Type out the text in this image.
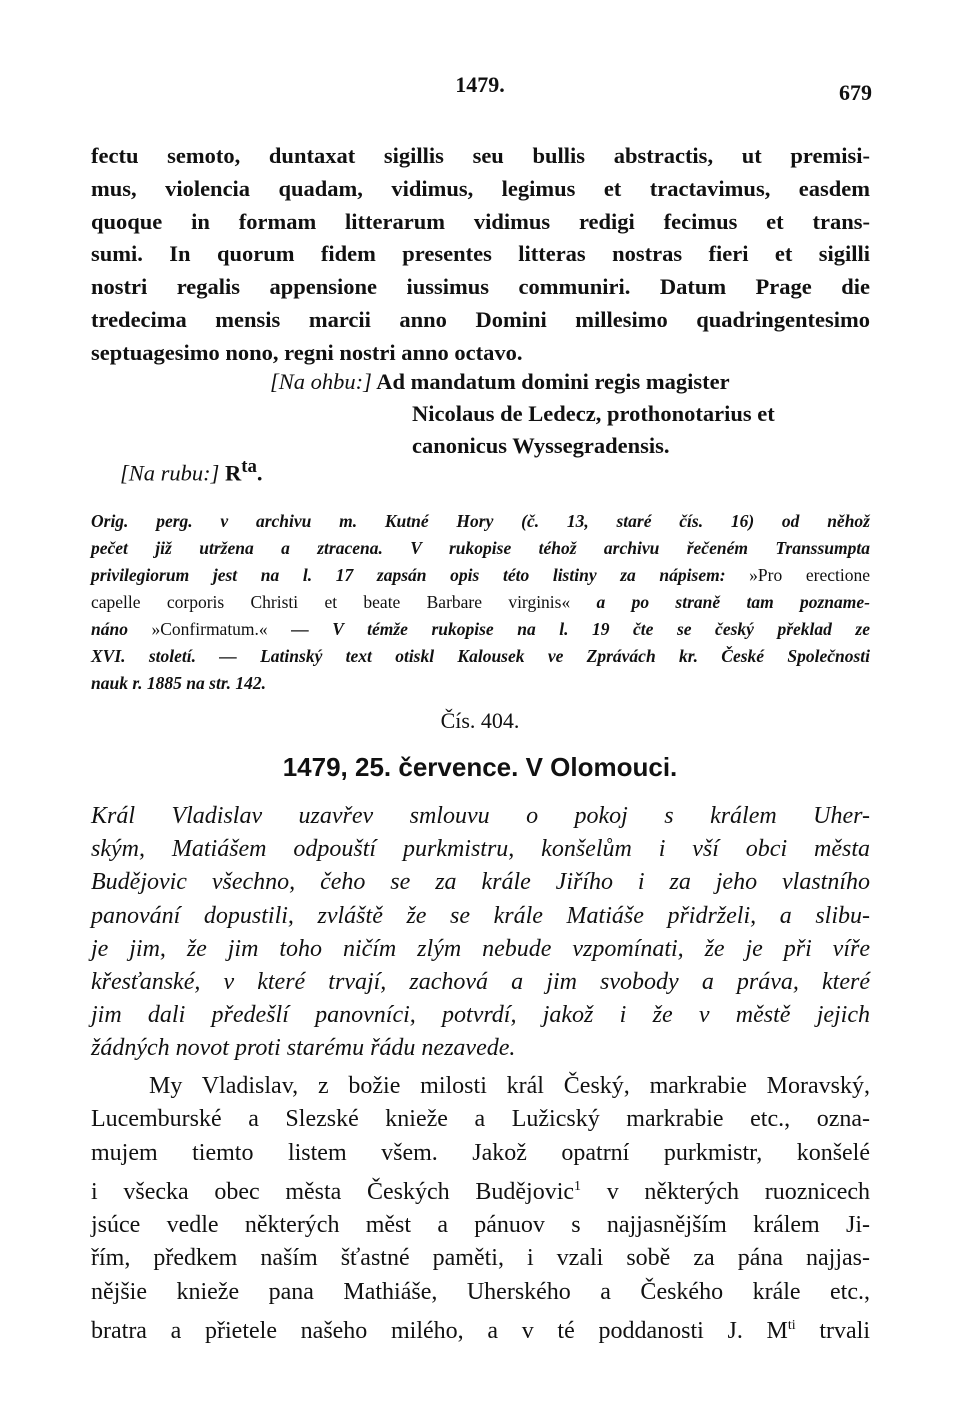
1479.	679
fectu semoto, duntaxat sigillis seu bullis abstractis, ut premisi-
mus, violencia quadam, vidimus, legimus et tractavimus, easdem
quoque in formam litterarum vidimus redigi fecimus et trans-
sumi. In quorum fidem presentes litteras nostras fieri et sigilli
nostri regalis appensione iussimus communiri. Datum Prage die
tredecima mensis marcii anno Domini millesimo quadringentesimo
septuagesimo nono, regni nostri anno octavo.
[Na ohbu:] Ad mandatum domini regis magister
Nicolaus de Ledecz, prothonotarius et
canonicus Wyssegradensis.
[Na rubu:] $R^{ta}$.
Orig. perg. v archivu m. Kutné Hory (č. 13, staré čís. 16) od něhož
pečet již utržena a ztracena. V rukopise téhož archivu řečeném Transsumpta
privilegiorum jest na l. 17 zapsán opis této listiny za nápisem: »Pro erectione
capelle corporis Christi et beate Barbare virginis« a po straně tam poznamе-
náno »Confirmatum.« — V témže rukopise na l. 19 čte se český překlad ze
XVI. století. — Latinský text otiskl Kalousek ve Zprávách kr. České Společnosti
nauk r. 1885 na str. 142.
Čís. 404.
1479, 25. července. V Olomouci.
Král Vladislav uzavřev smlouvu o pokoj s králem Uher-
ským, Matiášem odpouští purkmistru, konšelům i vší obci města
Budějovic všechno, čeho se za krále Jiřího i za jeho vlastního
panování dopustili, zvláště že se krále Matiáše přidrželi, a slibu-
je jim, že jim toho ničím zlým nebude vzpomínati, že je při víře
křesťanské, v které trvají, zachová a jim svobody a práva, které
jim dali předešlí panovníci, potvrdí, jakož i že v městě jejich
žádných novot proti starému řádu nezavede.
My Vladislav, z božie milosti král Český, markrabie Moravský,
Lucemburské a Slezské knieže a Lužicský markrabie etc., ozna-
mujem tiemto listem všem. Jakož opatrní purkmistr, konšelé
i všecka obec města Českých Budějovic$^1$ v některých ruoznicech
jsúce vedle některých měst a pánuov s najjasnějším králem Ji-
řím, předkem naším šťastné paměti, i vzali sobě za pána najjas-
nějšie knieže pana Mathiáše, Uherského a Českého krále etc.,
bratra a přietele našeho milého, a v té poddanosti J. $M^{ti}$ trvali
